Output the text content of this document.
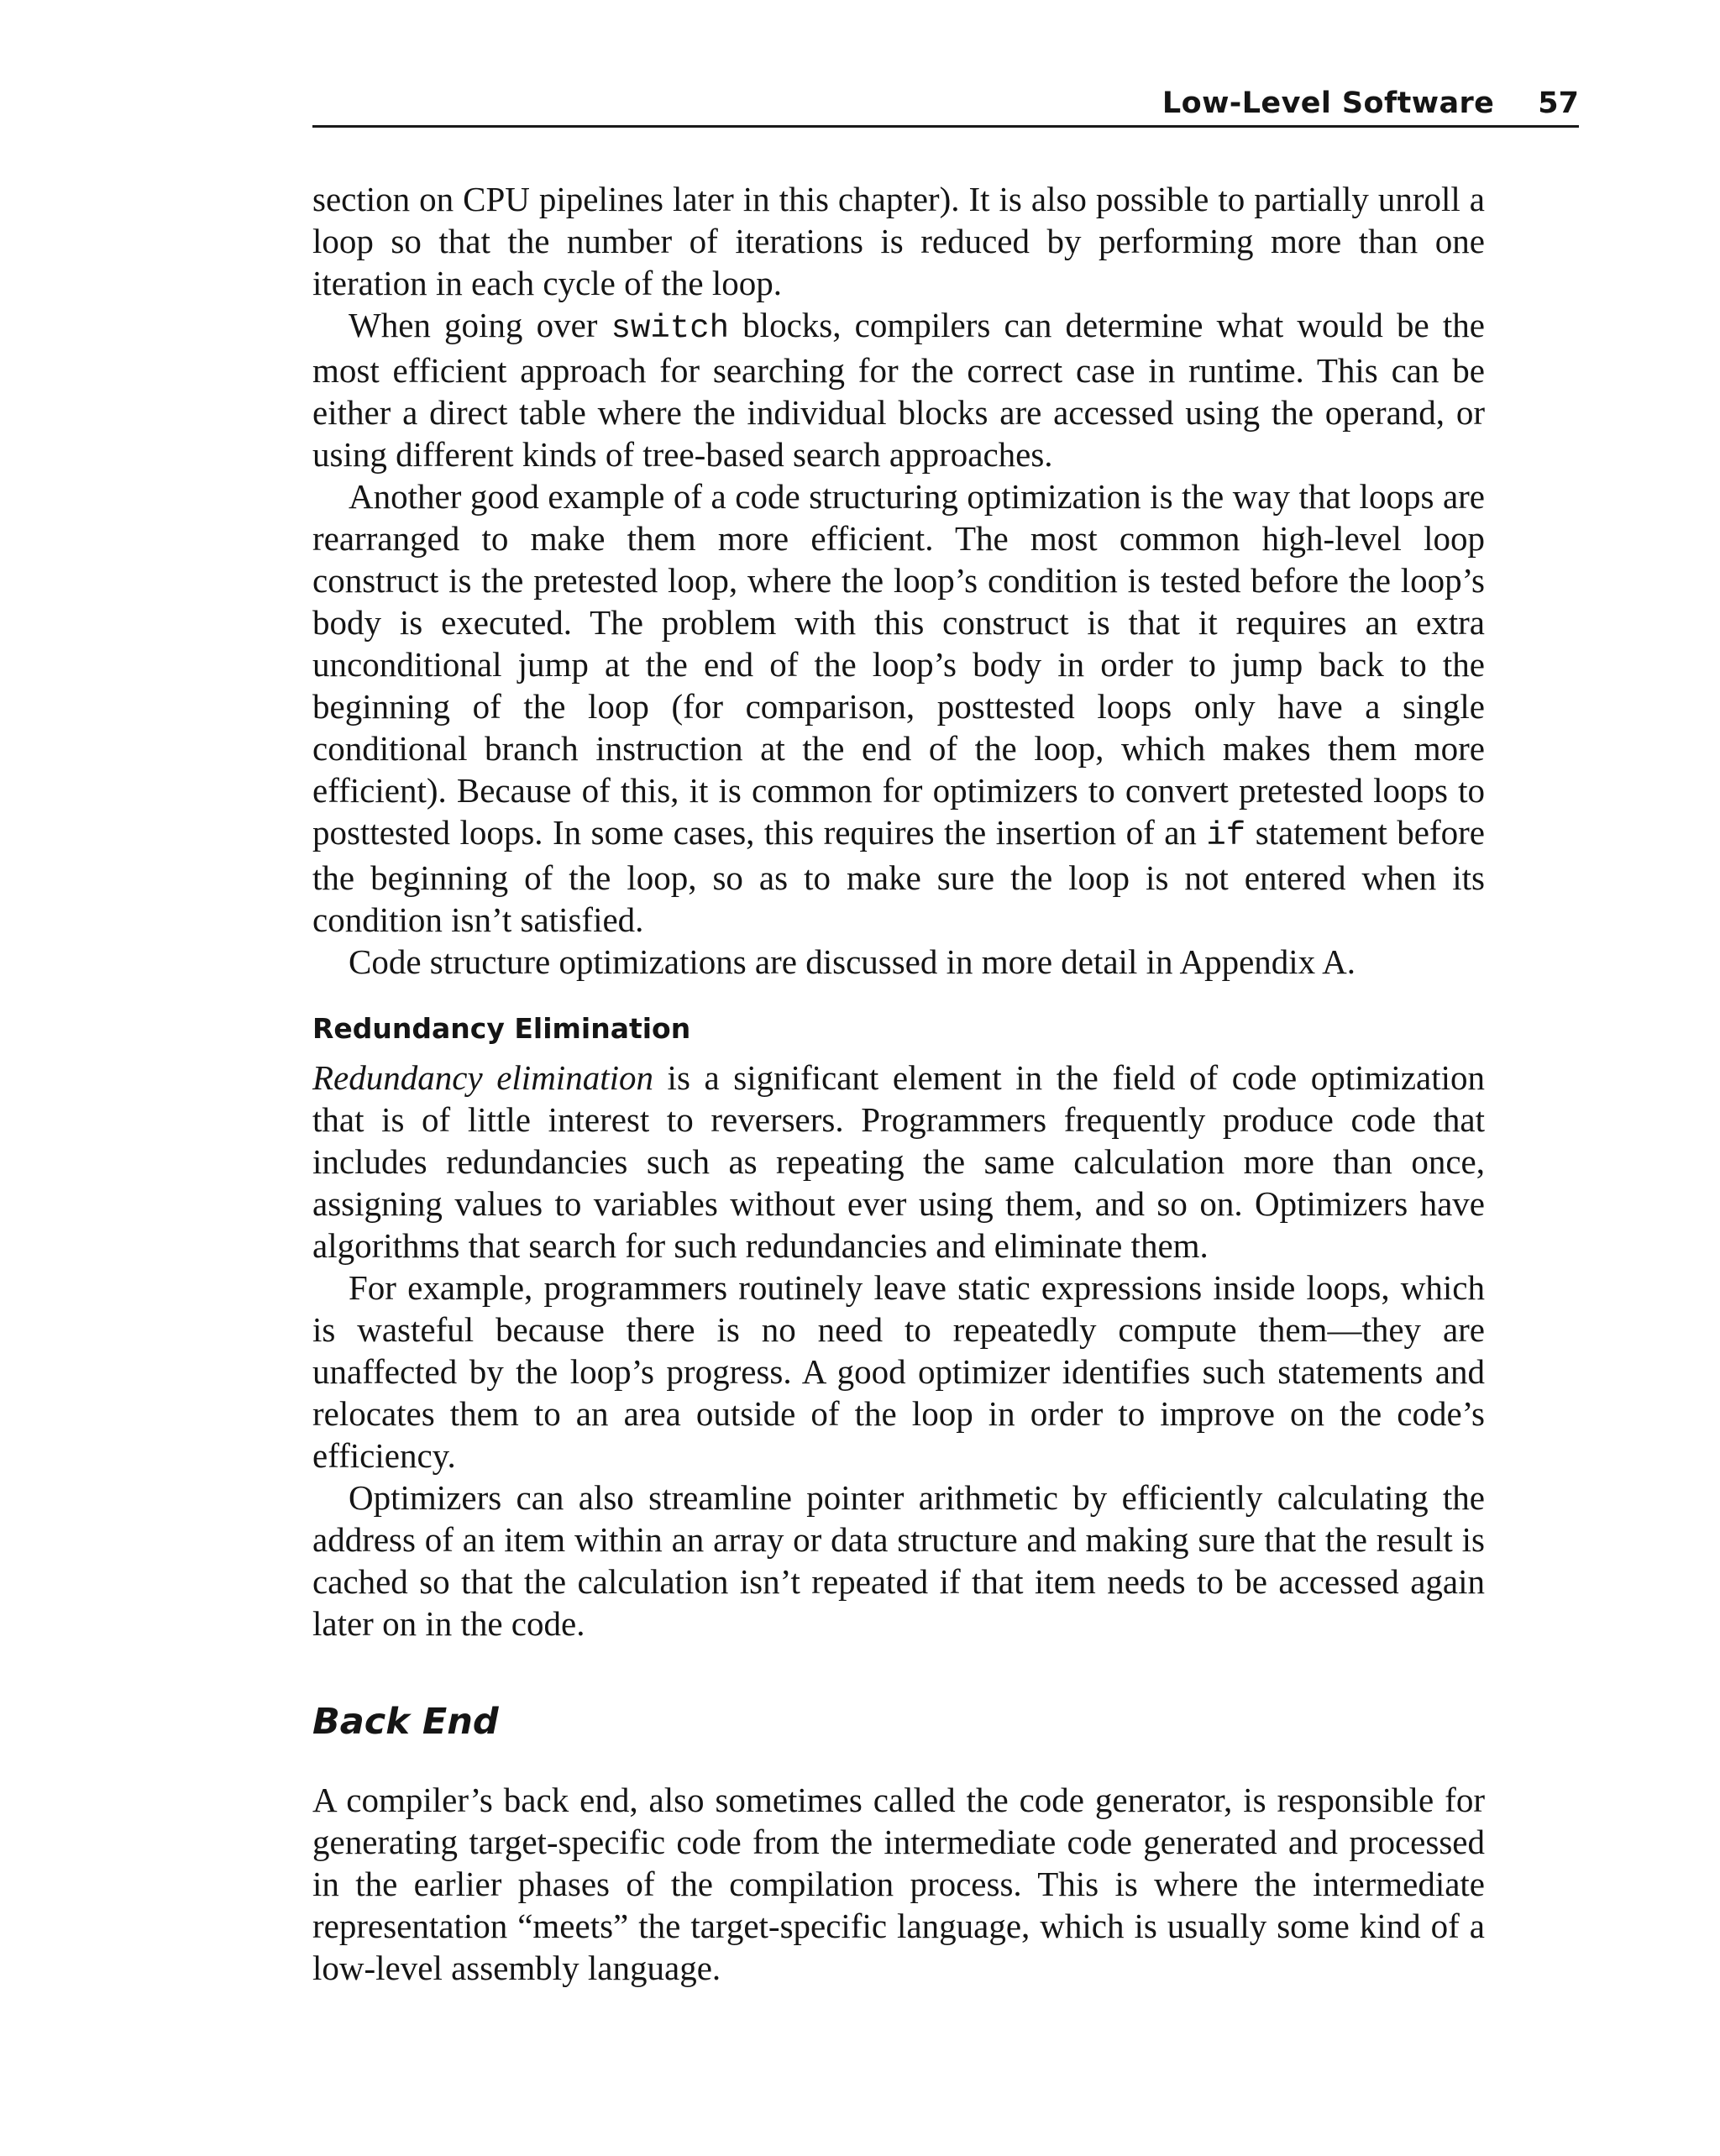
Low-Level Software 57

section on CPU pipelines later in this chapter). It is also possible to partially unroll a loop so that the number of iterations is reduced by performing more than one iteration in each cycle of the loop.

When going over switch blocks, compilers can determine what would be the most efficient approach for searching for the correct case in runtime. This can be either a direct table where the individual blocks are accessed using the operand, or using different kinds of tree-based search approaches.

Another good example of a code structuring optimization is the way that loops are rearranged to make them more efficient. The most common high-level loop construct is the pretested loop, where the loop’s condition is tested before the loop’s body is executed. The problem with this construct is that it requires an extra unconditional jump at the end of the loop’s body in order to jump back to the beginning of the loop (for comparison, posttested loops only have a single conditional branch instruction at the end of the loop, which makes them more efficient). Because of this, it is common for optimizers to convert pretested loops to posttested loops. In some cases, this requires the insertion of an if statement before the beginning of the loop, so as to make sure the loop is not entered when its condition isn’t satisfied.

Code structure optimizations are discussed in more detail in Appendix A.

Redundancy Elimination

Redundancy elimination is a significant element in the field of code optimization that is of little interest to reversers. Programmers frequently produce code that includes redundancies such as repeating the same calculation more than once, assigning values to variables without ever using them, and so on. Optimizers have algorithms that search for such redundancies and eliminate them.

For example, programmers routinely leave static expressions inside loops, which is wasteful because there is no need to repeatedly compute them—they are unaffected by the loop’s progress. A good optimizer identifies such statements and relocates them to an area outside of the loop in order to improve on the code’s efficiency.

Optimizers can also streamline pointer arithmetic by efficiently calculating the address of an item within an array or data structure and making sure that the result is cached so that the calculation isn’t repeated if that item needs to be accessed again later on in the code.

Back End

A compiler’s back end, also sometimes called the code generator, is responsible for generating target-specific code from the intermediate code generated and processed in the earlier phases of the compilation process. This is where the intermediate representation “meets” the target-specific language, which is usually some kind of a low-level assembly language.
